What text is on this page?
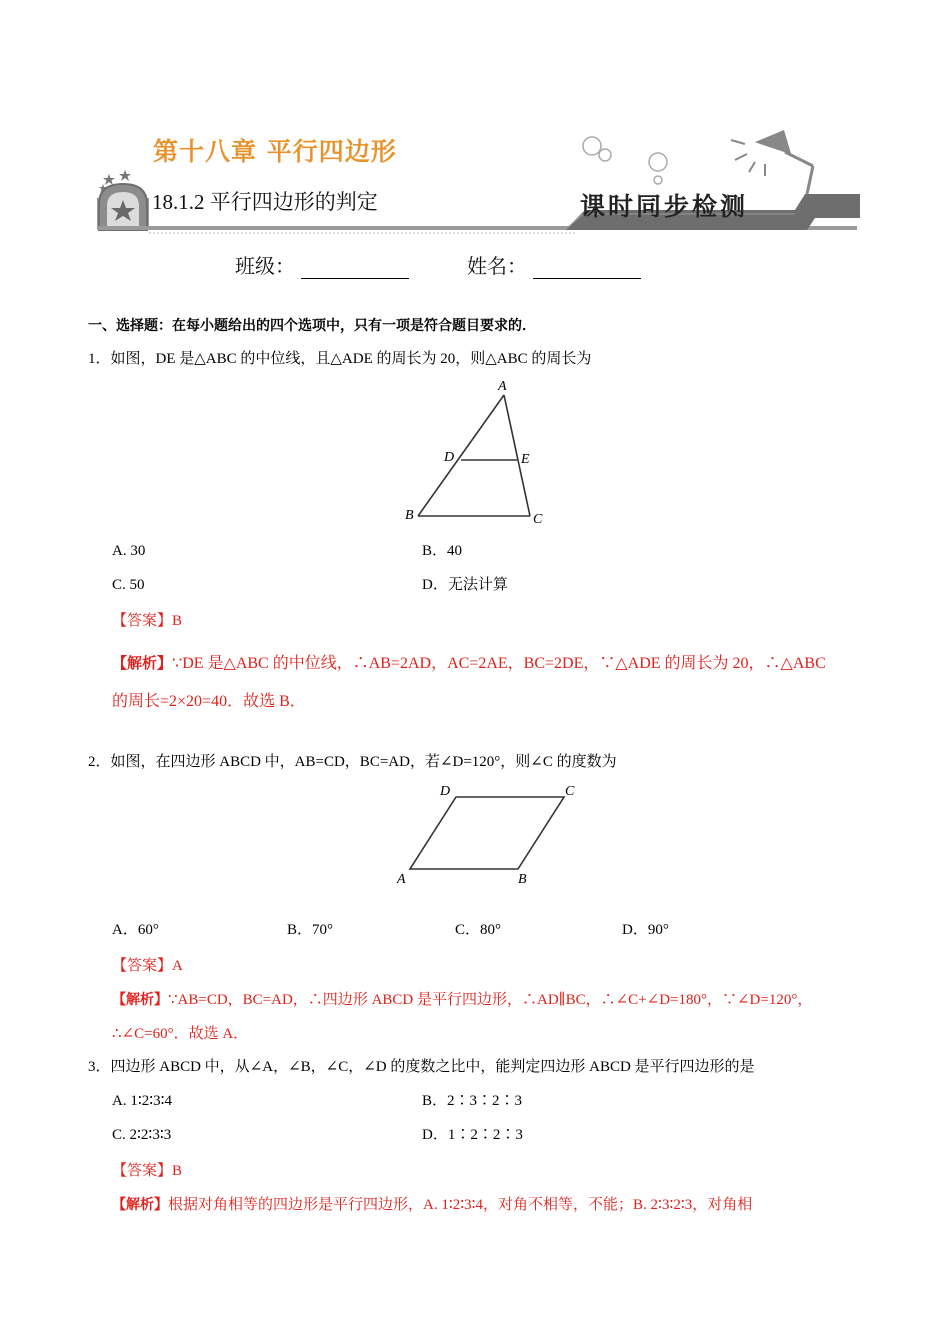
第十八章 平行四边形
18.1.2 平行四边形的判定	课时同步检测
班级：	姓名：
一、选择题：在每小题给出的四个选项中，只有一项是符合题目要求的．
1．如图，DE 是△ABC 的中位线，且△ADE 的周长为 20，则△ABC 的周长为
A
D	E
B	C
A. 30	B．40
C. 50	D．无法计算
【答案】B
【解析】∵DE 是△ABC 的中位线，∴AB=2AD，AC=2AE，BC=2DE，∵△ADE 的周长为 20，∴△ABC
的周长=2×20=40．故选 B．
2．如图，在四边形 ABCD 中，AB=CD，BC=AD，若∠D=120°，则∠C 的度数为
D	C
A	B
A．60°	B．70°	C．80°	D．90°
【答案】A
【解析】∵AB=CD，BC=AD，∴四边形 ABCD 是平行四边形，∴AD∥BC，∴∠C+∠D=180°，∵∠D=120°，
∴∠C=60°．故选 A．
3．四边形 ABCD 中，从∠A，∠B，∠C，∠D 的度数之比中，能判定四边形 ABCD 是平行四边形的是
A. 1∶2∶3∶4	B．2∶3∶2∶3
C. 2∶2∶3∶3	D．1∶2∶2∶3
【答案】B
【解析】根据对角相等的四边形是平行四边形，A. 1∶2∶3∶4，对角不相等，不能；B. 2∶3∶2∶3，对角相
